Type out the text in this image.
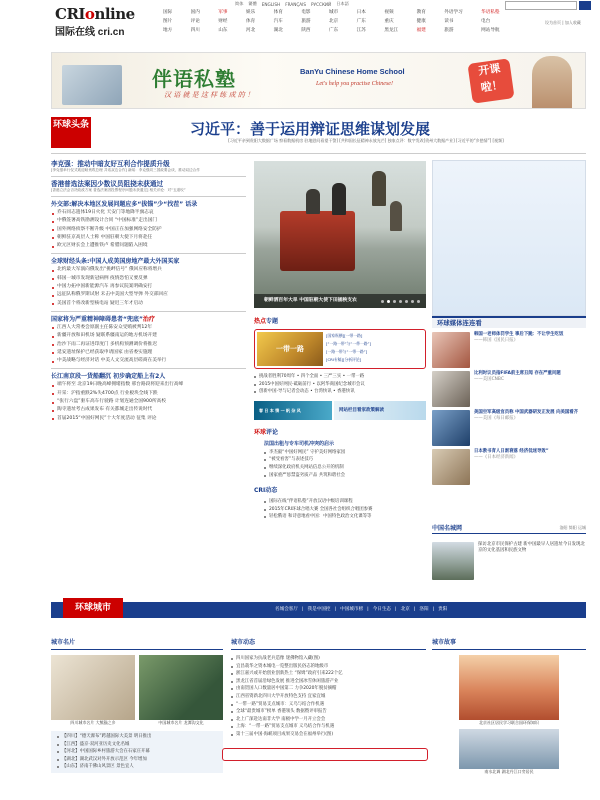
CRIonline
国际在线 cri.cn
简体 繁體 ENGLISH FRANÇAIS РУССКИЙ 日本語
设为首页 | 加入收藏
国际	国内	军事	娱乐	体育	电影	城市	日本	视频	教育	外语学习	华语私塾
图片	评论	财经	体育	汽车	旅游	北京	广东	重庆	健康	读书	电台
地方	四川	山东	河北	湖北	陕西	广东	江苏	黑龙江	福建	旅游	网站导航
伴语私塾	BanYu Chinese Home School
Let's help you practise Chinese!
汉 语 就 是 这 样 练 成 的 ！
开课啦！
环球头条	习近平：善于运用辩证思维谋划发展
[习近平亲到贵阳大数据广场 察看数据机房 驻地慰问看望干警] [共和国长征精神永放光芒] 独家点评：数字发改[贵州大数据产业] [习近平的“乡愁情”] [视频]
李克强：推动中暗友好互利合作提质升级
[李克强举行仪式欢迎暗贵埃总理 共话双边合作] 新闻：李克强同三国政要会谈，推动双边合作
香港普选法案因少数议员阻挠未获通过
[香港立法会否决政改方案 普选法案因投票程序问题未获通过] 相关评论：对“五道坎”
外交部:解决本地区发展问题应多“拔锚”少“找茬” 话录
乔石同志遗体19日火化 天安门等地降半旗志哀
中俄签署高铁勘测设计合同 “中国标准”走出国门
国外网络侦察不断升级 中国正在加强网络安全防护
朝鲜驻京高层人士称 中国驻朝大使下月将赴任
欧元区财长会上遭推铁卢 希腊问题陷入困境
全球财经头条:中国人成美国房地产最大外国买家
北约最大军演向俄发出“挑衅信号” 俄回应称将增兵
韩国一城市发现新冠病例 疫情恐怕又要反弹
中国力拓中国新能源汽车 再参议院案明确安打
远征队称俄罗斯试射 未击中美国大型导弹 外交部回应
美国首个将改新型核电站 疑迟三年才启动
国家将为严重精神障碍患者“兜底”治疗
江西人大常委会原副主任陈安众受贿被判12年
新疆开放和田机场 疑联系疆南运的地方机场开建
治沙下雨二再证进印度门 多机构预测调价将推迟
延安遗址保护已经获取申请国家 由省委实施理
中美战略与经济对话 中美人文交流高层磋商在美举行
长江南京段一货船翻沉 初步确定船上有2人
端午将至 北京19日晚高峰拥堵指数 邢台路段将迎来出行高峰
开采：沪指重跌2%失4700点 行业板块全线下跌
“张行六盘”驱车高车行驶路 计划连通全国900所高校
陶寺遗址考古成果发布 有关都城走出传说时代
首届2015“中国好网民”十大年度活动 征集 评论
朝鲜洒百年大旱 中国驻朝大使下田插秧支农
热点专题
一带一路
[国家纵横][一带一路]
[“一路一带”与“一带一路”]
[一路一带与“一带一路”]
[CRI专稿][分析评论]
挑战者胜利70周年 • 四个全面 • 三严三实 • 一带一路
2015中国好网民·砥砺前行 • 以阿华商国纪念城市会议
创新中国·导与记者会动态 • 台湾快讯 • 香港快讯
春 日 本 情 一 帆 杂 风	网站栏目看家政策解读
环球评论
法国出租与专车司机冲突的启示
李杰毅“中国好网民” 守护美好网络家园
“被受看害”与表述技巧
继续深化政府机关网站信息公开的机制
国家重严惩禁盗劣质产品 共筑和谐社会
CRI动态
国际在线“伴语私塾”开放汉语中级培训课程
2015年CRI环球合唱大赛 全国各社会组织合唱团参赛
轻松俄语 和诗意地看中国：中国特色政治文化课等等
环球媒体连连看
韩国一老师体罚学生 事后下跪：不让学生吃饭
——韩国《国民日报》
比利时议员指FIFA前主席丑闻 存在严重问题
——美国CNBC
美国空军高级官员称 中国武器研发正发展 向美国看齐
——美国《每日邮报》
日本教书育人日渐衰落 经济低迷导致”
——《日本经济新闻》
中国名城网	洛阳 简阳 运城
探访北京市民保护古建 新中国最早人居遗址今日发现北京的文化基因和民族文物
环球城市	名城会客厅 | 我是中国控 | 中国城市榜 | 今日生态 | 北京 | 洛阳 | 贵阳
城市名片
四川城市名片 大熊猫之乡	中国城市名片 龙潭沟文化
【四川】“德天瀑布”跨越国际大美景 明日推出
【江西】盛京·双河亚历史文化名城
【河北】中国国际乡村旅游大会在石家庄开幕
【湖北】湖北武汉对外开放示范区 今年增加
【山东】济南千佛山风景区 景色宜人
城市动态
四川国家为抗战老兵造像 迷佛物馆入藏(图)
宜昌栽华之资本城电一览整出版民俗志的地级市
浙江嘉兴或开始创业创新热土 “保姆”政府引来222个亿
黑龙江省首届沿绿色发展 推进全国冰雪休闲旅游产业
由南贺国人口数量居中国第二 力争2020年脱贫摘帽
江西省资新北四川大学开放特色支持 宜家宜城
“一带一路”贸易支点城市：义乌与结合作机遇
全球“最贵城市”榜单 香港领头 数据暨评审报告
北上广深赴达南非大学 南极中学一月开立会会
上海：“一带一路”贸易支点城市 义乌结合作与机遇
第十三届中国·海峡项目成果交易会在福州举行(图)
城市故事
北京社区居民学习联合国环保知识
南水北调 湖北丹江口旁居民
